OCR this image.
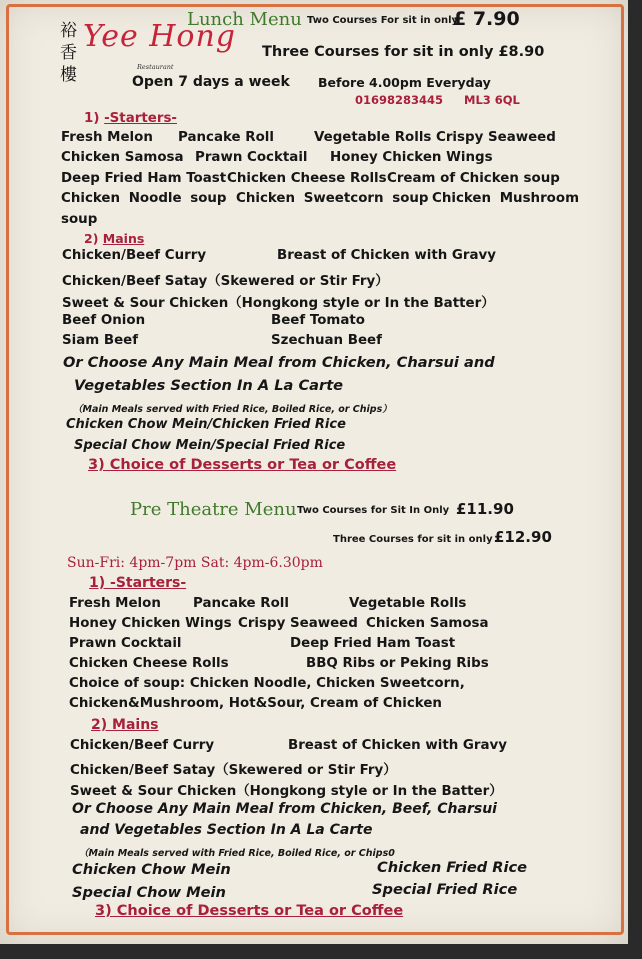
裕
香
樓
Yee Hong
Restaurant
Lunch Menu Two Courses For sit in only
£ 7.90
Three Courses for sit in only £8.90
Open 7 days a week Before 4.00pm Everyday
01698283445 ML3 6QL
1) -Starters-
Fresh Melon Pancake Roll	Vegetable Rolls Crispy Seaweed
Chicken Samosa Prawn Cocktail Honey Chicken Wings
Deep Fried Ham Toast Chicken Cheese Rolls Cream of Chicken soup
Chicken Noodle soup Chicken Sweetcorn soup Chicken Mushroom
soup
2) Mains
Chicken/Beef Curry	Breast of Chicken with Gravy
Chicken/Beef Satay（Skewered or Stir Fry）
Sweet & Sour Chicken（Hongkong style or In the Batter）
Beef Onion	Beef Tomato
Siam Beef	Szechuan Beef
Or Choose Any Main Meal from Chicken, Charsui and
Vegetables Section In A La Carte
（Main Meals served with Fried Rice, Boiled Rice, or Chips）
Chicken Chow Mein/Chicken Fried Rice
Special Chow Mein/Special Fried Rice
3) Choice of Desserts or Tea or Coffee
Pre Theatre Menu Two Courses for Sit In Only £11.90
Three Courses for sit in only £12.90
Sun-Fri: 4pm-7pm Sat: 4pm-6.30pm
1) -Starters-
Fresh Melon Pancake Roll	Vegetable Rolls
Honey Chicken Wings Crispy Seaweed Chicken Samosa
Prawn Cocktail	Deep Fried Ham Toast
Chicken Cheese Rolls	BBQ Ribs or Peking Ribs
Choice of soup: Chicken Noodle, Chicken Sweetcorn,
Chicken&Mushroom, Hot&Sour, Cream of Chicken
2) Mains
Chicken/Beef Curry	Breast of Chicken with Gravy
Chicken/Beef Satay（Skewered or Stir Fry）
Sweet & Sour Chicken（Hongkong style or In the Batter）
Or Choose Any Main Meal from Chicken, Beef, Charsui
and Vegetables Section In A La Carte
（Main Meals served with Fried Rice, Boiled Rice, or Chips0
Chicken Chow Mein	Chicken Fried Rice
Special Chow Mein	Special Fried Rice
3) Choice of Desserts or Tea or Coffee
